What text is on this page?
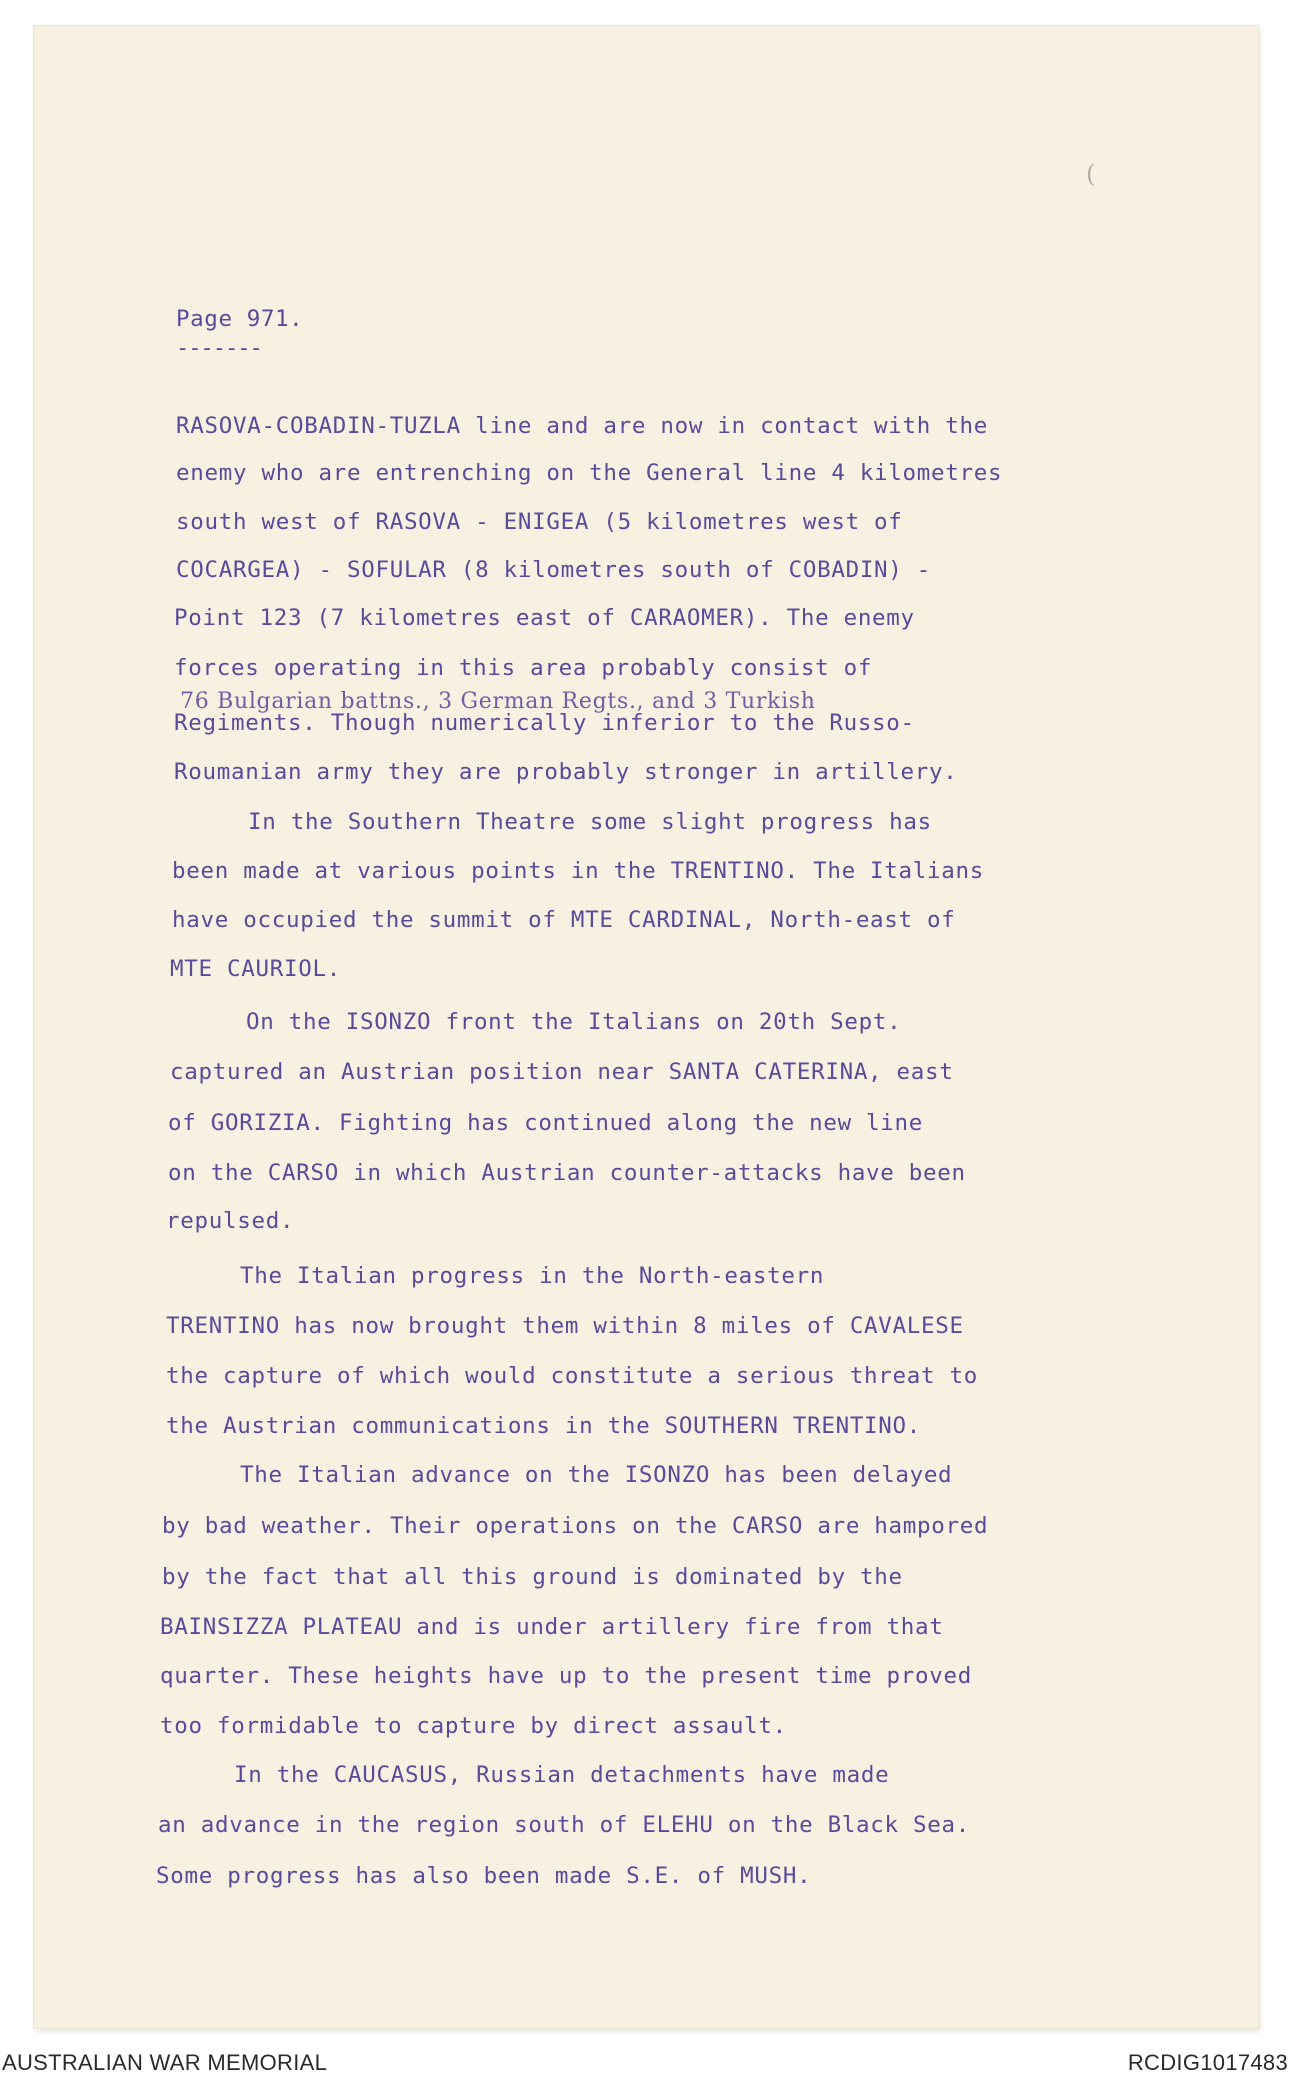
(
Page 971.
-------
RASOVA-COBADIN-TUZLA line and are now in contact with the
enemy who are entrenching on the General line 4 kilometres
south west of RASOVA - ENIGEA (5 kilometres west of
COCARGEA) - SOFULAR (8 kilometres south of COBADIN) -
Point 123 (7 kilometres east of CARAOMER). The enemy
forces operating in this area probably consist of
76 Bulgarian battns., 3 German Regts., and 3 Turkish
Regiments. Though numerically inferior to the Russo-
Roumanian army they are probably stronger in artillery.
In the Southern Theatre some slight progress has
been made at various points in the TRENTINO. The Italians
have occupied the summit of MTE CARDINAL, North-east of
MTE CAURIOL.
On the ISONZO front the Italians on 20th Sept.
captured an Austrian position near SANTA CATERINA, east
of GORIZIA. Fighting has continued along the new line
on the CARSO in which Austrian counter-attacks have been
repulsed.
The Italian progress in the North-eastern
TRENTINO has now brought them within 8 miles of CAVALESE
the capture of which would constitute a serious threat to
the Austrian communications in the SOUTHERN TRENTINO.
The Italian advance on the ISONZO has been delayed
by bad weather. Their operations on the CARSO are hampored
by the fact that all this ground is dominated by the
BAINSIZZA PLATEAU and is under artillery fire from that
quarter. These heights have up to the present time proved
too formidable to capture by direct assault.
In the CAUCASUS, Russian detachments have made
an advance in the region south of ELEHU on the Black Sea.
Some progress has also been made S.E. of MUSH.
AUSTRALIAN WAR MEMORIAL	RCDIG1017483
